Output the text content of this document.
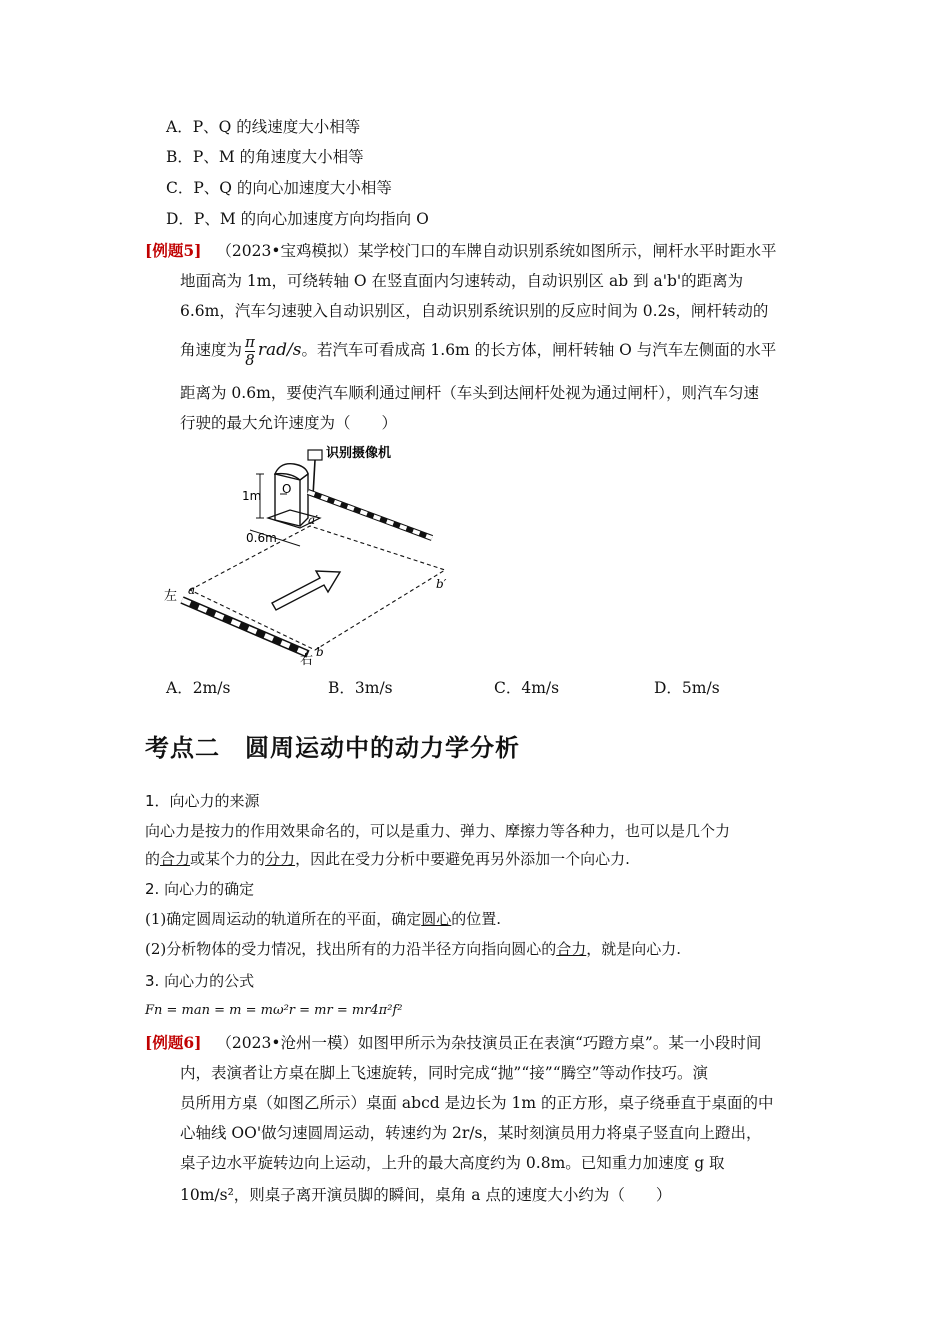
A．P、Q 的线速度大小相等
B．P、M 的角速度大小相等
C．P、Q 的向心加速度大小相等
D．P、M 的向心加速度方向均指向 O
[例题5] （2023•宝鸡模拟）某学校门口的车牌自动识别系统如图所示，闸杆水平时距水平
地面高为 1m，可绕转轴 O 在竖直面内匀速转动，自动识别区 ab 到 a'b'的距离为
6.6m，汽车匀速驶入自动识别区，自动识别系统识别的反应时间为 0.2s，闸杆转动的
角速度为 $\frac{\pi}{8} rad/s$。若汽车可看成高 1.6m 的长方体，闸杆转轴 O 与汽车左侧面的水平
距离为 0.6m，要使汽车顺利通过闸杆（车头到达闸杆处视为通过闸杆），则汽车匀速
行驶的最大允许速度为（　　）
识别摄像机
O
1m
0.6m
a′
b′
a
b
左
右
A．2m/s	B．3m/s	C．4m/s	D．5m/s
考点二　圆周运动中的动力学分析
1．向心力的来源
向心力是按力的作用效果命名的，可以是重力、弹力、摩擦力等各种力，也可以是几个力
的合力或某个力的分力，因此在受力分析中要避免再另外添加一个向心力.
2. 向心力的确定
(1)确定圆周运动的轨道所在的平面，确定圆心的位置.
(2)分析物体的受力情况，找出所有的力沿半径方向指向圆心的合力，就是向心力.
3. 向心力的公式
Fn = man = m = mω²r = mr = mr4π²f²
[例题6] （2023•沧州一模）如图甲所示为杂技演员正在表演“巧蹬方桌”。某一小段时间
内，表演者让方桌在脚上飞速旋转，同时完成“抛”“接”“腾空”等动作技巧。演
员所用方桌（如图乙所示）桌面 abcd 是边长为 1m 的正方形，桌子绕垂直于桌面的中
心轴线 OO'做匀速圆周运动，转速约为 2r/s，某时刻演员用力将桌子竖直向上蹬出，
桌子边水平旋转边向上运动，上升的最大高度约为 0.8m。已知重力加速度 g 取
10m/s²，则桌子离开演员脚的瞬间，桌角 a 点的速度大小约为（　　）
